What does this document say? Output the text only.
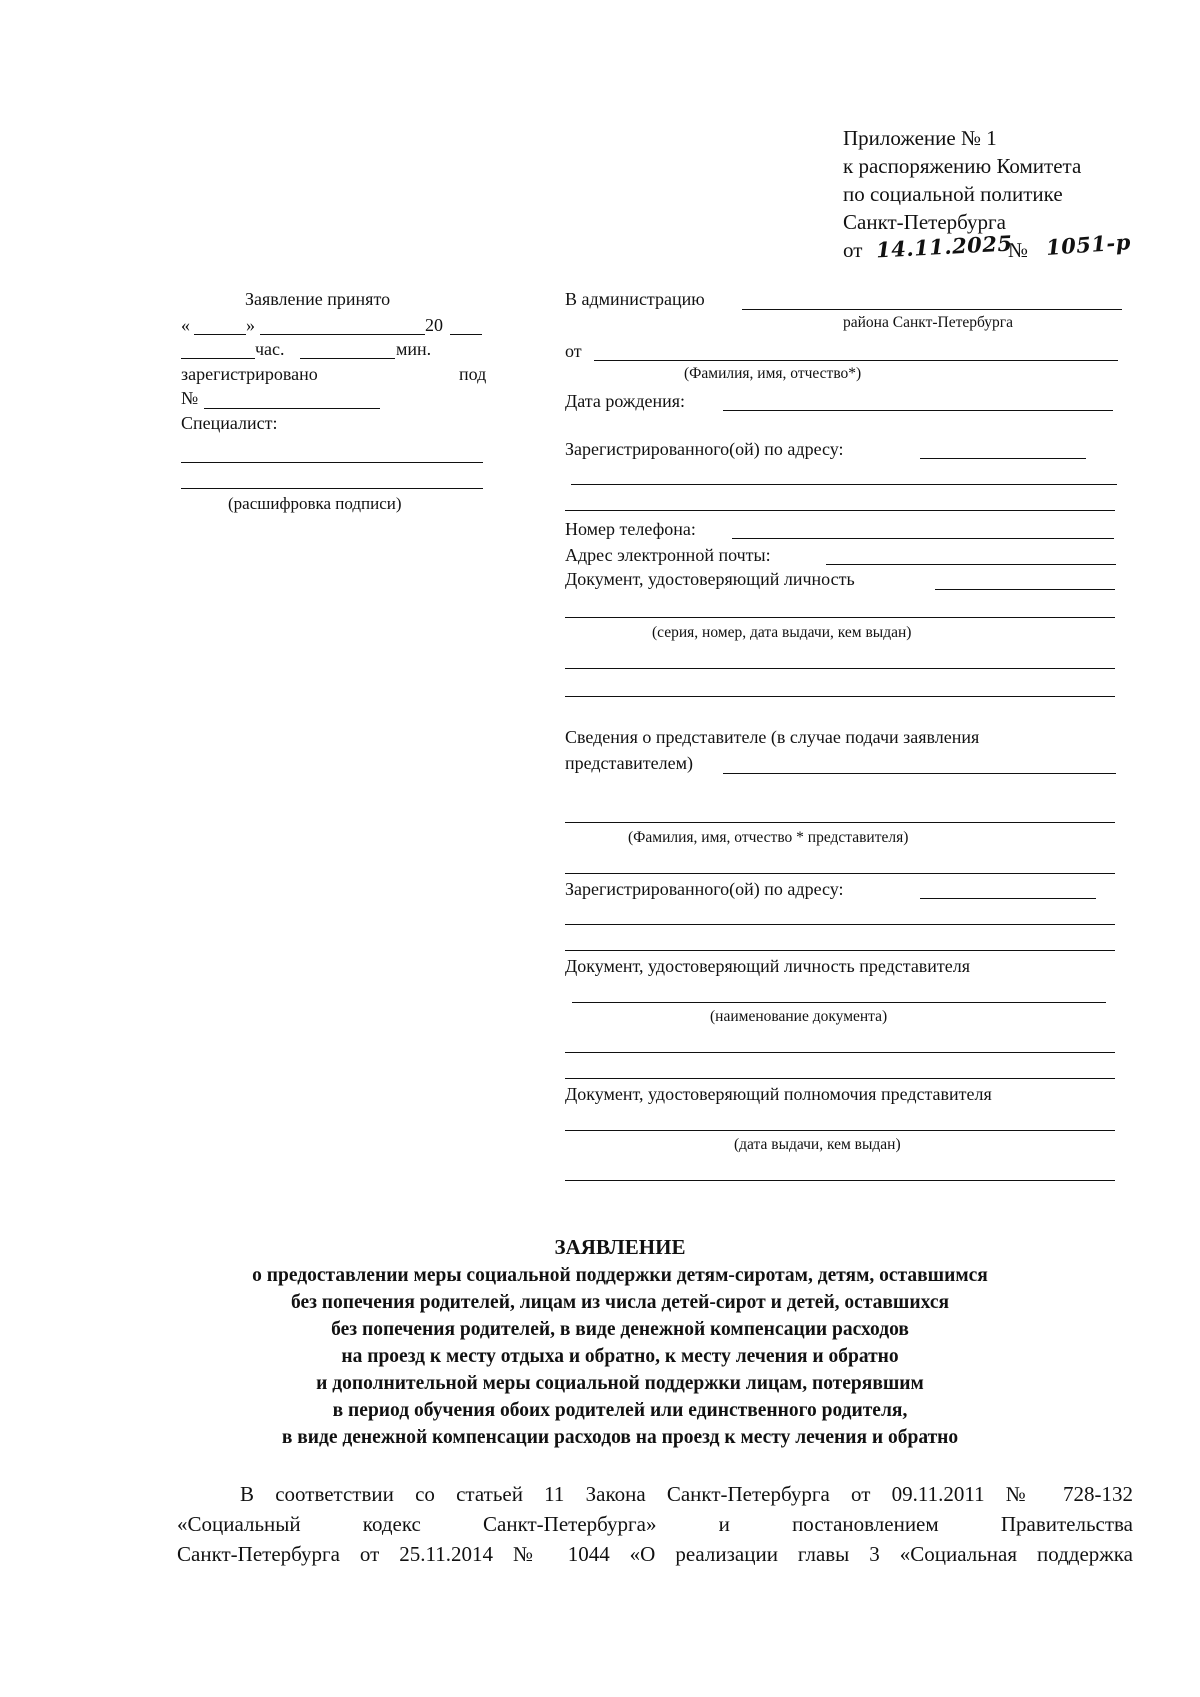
Приложение № 1
к распоряжению Комитета
по социальной политике
Санкт-Петербурга
от 14.11.2025
№ 1051-р
Заявление принято
«	»	20
час.	мин.
зарегистрировано	под
№
Специалист:
(расшифровка подписи)
В администрацию
района Санкт-Петербурга
от
(Фамилия, имя, отчество*)
Дата рождения:
Зарегистрированного(ой) по адресу:
Номер телефона:
Адрес электронной почты:
Документ, удостоверяющий личность
(серия, номер, дата выдачи, кем выдан)
Сведения о представителе (в случае подачи заявления
представителем)
(Фамилия, имя, отчество * представителя)
Зарегистрированного(ой) по адресу:
Документ, удостоверяющий личность представителя
(наименование документа)
Документ, удостоверяющий полномочия представителя
(дата выдачи, кем выдан)
ЗАЯВЛЕНИЕ
о предоставлении меры социальной поддержки детям-сиротам, детям, оставшимся
без попечения родителей, лицам из числа детей-сирот и детей, оставшихся
без попечения родителей, в виде денежной компенсации расходов
на проезд к месту отдыха и обратно, к месту лечения и обратно
и дополнительной меры социальной поддержки лицам, потерявшим
в период обучения обоих родителей или единственного родителя,
в виде денежной компенсации расходов на проезд к месту лечения и обратно
В соответствии со статьей 11 Закона Санкт-Петербурга от 09.11.2011 № 728-132
«Социальный кодекс Санкт-Петербурга» и постановлением Правительства
Санкт-Петербурга от 25.11.2014 № 1044 «О реализации главы 3 «Социальная поддержка
